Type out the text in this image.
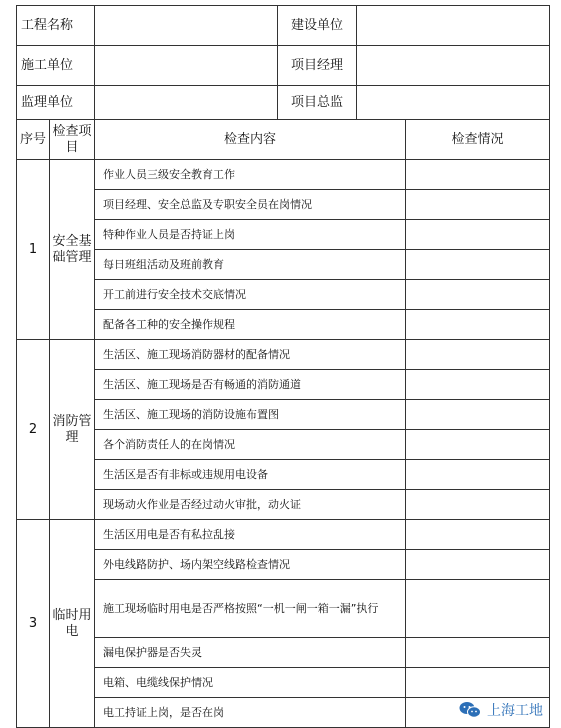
工程名称			建设单位		
施工单位			项目经理		
监理单位			项目总监		
序号	检查项目	检查内容			检查情况
1	安全基础管理	作业人员三级安全教育工作			
		项目经理、安全总监及专职安全员在岗情况			
		特种作业人员是否持证上岗			
		每日班组活动及班前教育			
		开工前进行安全技术交底情况			
		配备各工种的安全操作规程			
2	消防管理	生活区、施工现场消防器材的配备情况			
		生活区、施工现场是否有畅通的消防通道			
		生活区、施工现场的消防设施布置图			
		各个消防责任人的在岗情况			
		生活区是否有非标或违规用电设备			
		现场动火作业是否经过动火审批，动火证			
3	临时用电	生活区用电是否有私拉乱接			
		外电线路防护、场内架空线路检查情况			
		施工现场临时用电是否严格按照“一机一闸一箱一漏”执行			
		漏电保护器是否失灵			
		电箱、电缆线保护情况			
		电工持证上岗，是否在岗				上海工地
